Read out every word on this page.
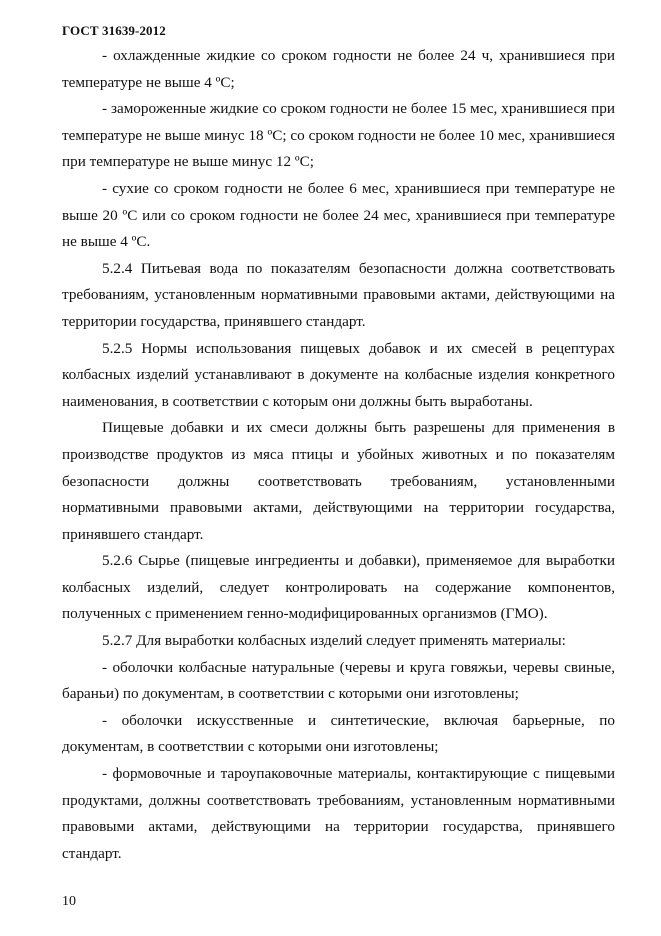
ГОСТ 31639-2012

- охлажденные жидкие со сроком годности не более 24 ч, хранившиеся при температуре не выше 4 ºС;

- замороженные жидкие со сроком годности не более 15 мес, хранившиеся при температуре не выше минус 18 ºС; со сроком годности не более 10 мес, хранившиеся при температуре не выше минус 12 ºС;

- сухие со сроком годности не более 6 мес, хранившиеся при температуре не выше 20 ºС или со сроком годности не более 24 мес, хранившиеся при температуре не выше 4 ºС.

5.2.4 Питьевая вода по показателям безопасности должна соответствовать требованиям, установленным нормативными правовыми актами, действующими на территории государства, принявшего стандарт.

5.2.5 Нормы использования пищевых добавок и их смесей в рецептурах колбасных изделий устанавливают в документе на колбасные изделия конкретного наименования, в соответствии с которым они должны быть выработаны.

Пищевые добавки и их смеси должны быть разрешены для применения в производстве продуктов из мяса птицы и убойных животных и по показателям безопасности должны соответствовать требованиям, установленными нормативными правовыми актами, действующими на территории государства, принявшего стандарт.

5.2.6 Сырье (пищевые ингредиенты и добавки), применяемое для выработки колбасных изделий, следует контролировать на содержание компонентов, полученных с применением генно-модифицированных организмов (ГМО).

5.2.7 Для выработки колбасных изделий следует применять материалы:

- оболочки колбасные натуральные (черевы и круга говяжьи, черевы свиные, бараньи) по документам, в соответствии с которыми они изготовлены;

- оболочки искусственные и синтетические, включая барьерные, по документам, в соответствии с которыми они изготовлены;

- формовочные и тароупаковочные материалы, контактирующие с пищевыми продуктами, должны соответствовать требованиям, установленным нормативными правовыми актами, действующими на территории государства, принявшего стандарт.

10
